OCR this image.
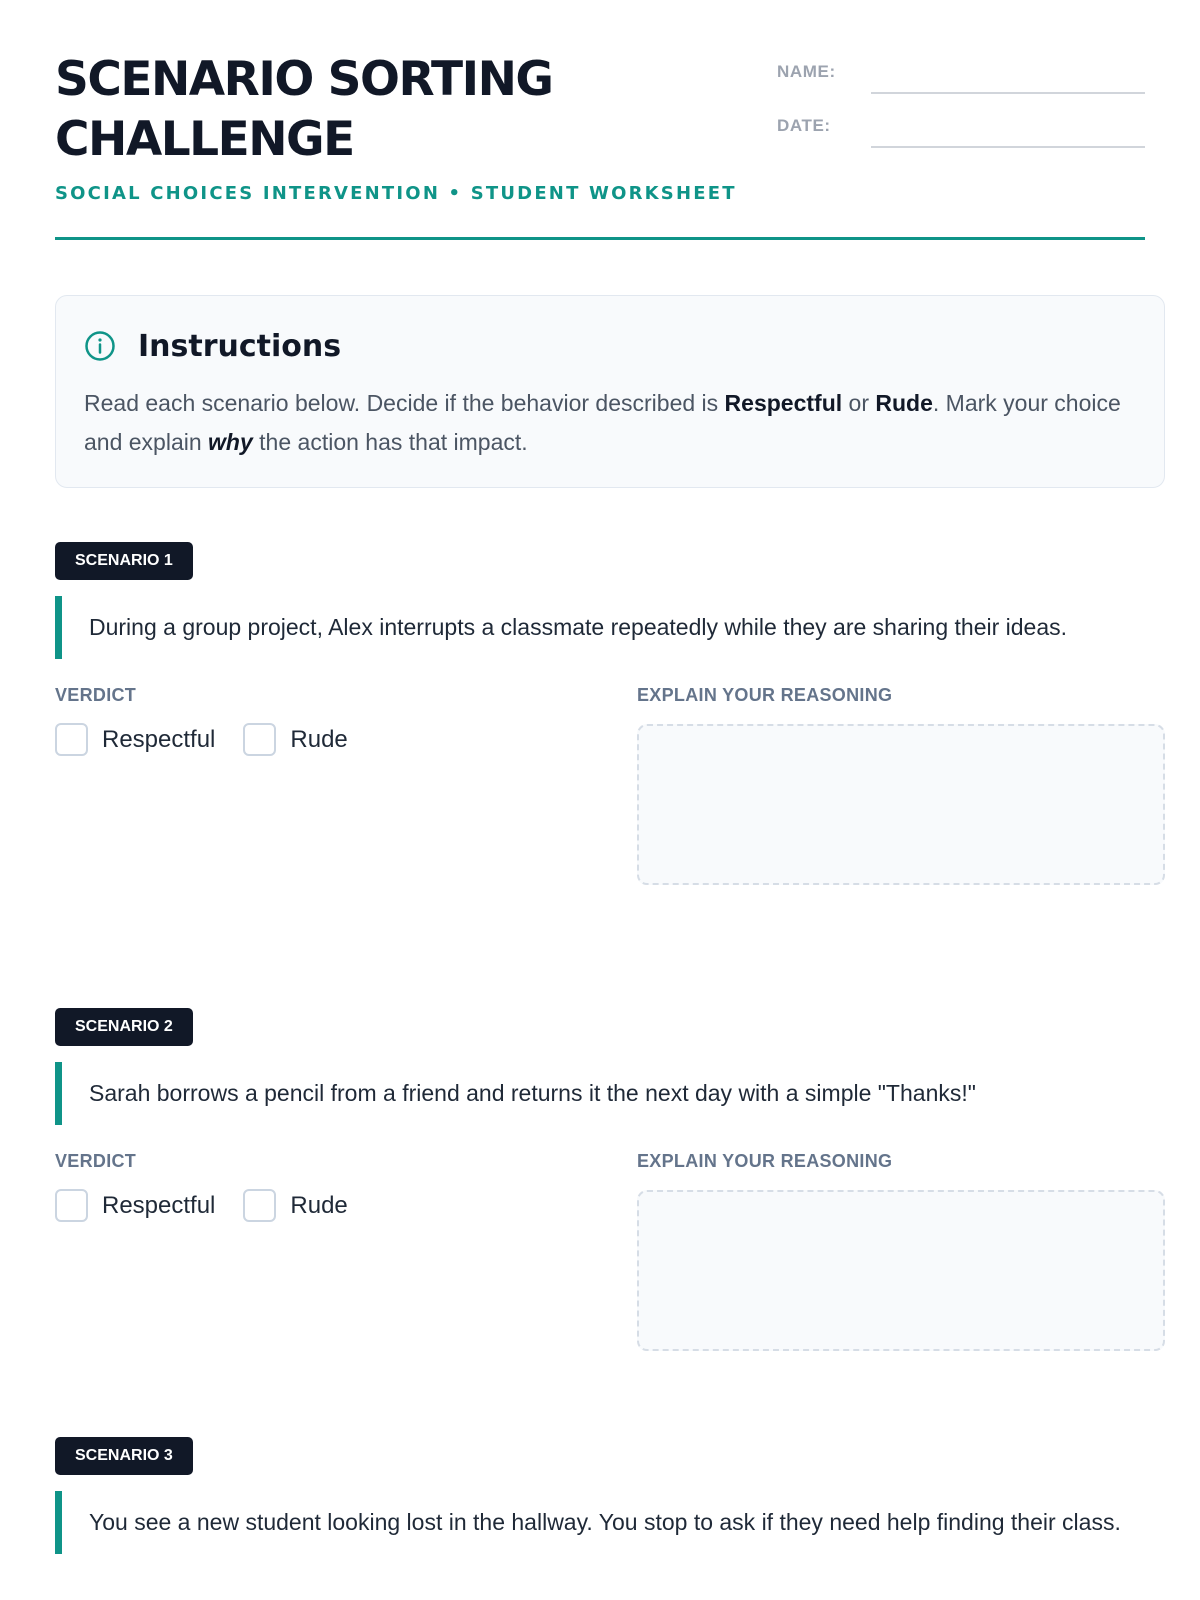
SCENARIO SORTING CHALLENGE
SOCIAL CHOICES INTERVENTION • STUDENT WORKSHEET
NAME:
DATE:
Instructions

Read each scenario below. Decide if the behavior described is Respectful or Rude. Mark your choice and explain why the action has that impact.

SCENARIO 1
During a group project, Alex interrupts a classmate repeatedly while they are sharing their ideas.
VERDICT
Respectful	Rude
EXPLAIN YOUR REASONING
SCENARIO 2
Sarah borrows a pencil from a friend and returns it the next day with a simple "Thanks!"
VERDICT
Respectful	Rude
EXPLAIN YOUR REASONING
SCENARIO 3
You see a new student looking lost in the hallway. You stop to ask if they need help finding their class.
